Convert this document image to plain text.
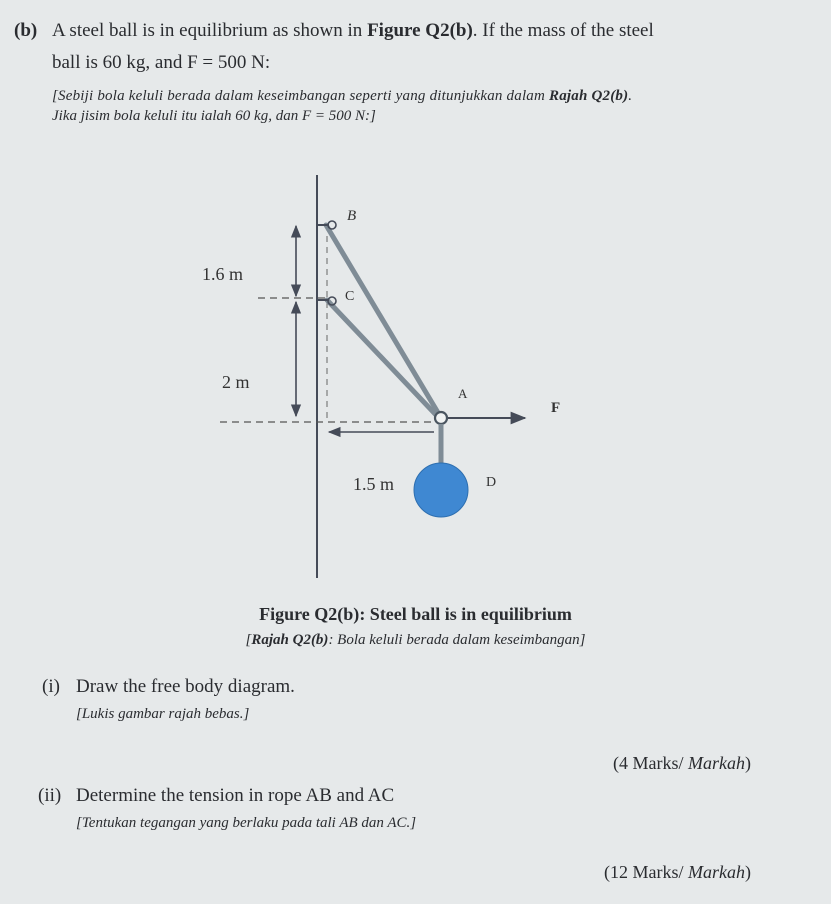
(b) A steel ball is in equilibrium as shown in Figure Q2(b). If the mass of the steel
ball is 60 kg, and F = 500 N:
[Sebiji bola keluli berada dalam keseimbangan seperti yang ditunjukkan dalam Rajah Q2(b).
Jika jisim bola keluli itu ialah 60 kg, dan F = 500 N:]
B
C
A
F
D
1.6 m
2 m
1.5 m
Figure Q2(b): Steel ball is in equilibrium
[Rajah Q2(b): Bola keluli berada dalam keseimbangan]
(i) Draw the free body diagram.
[Lukis gambar rajah bebas.]
(4 Marks/ Markah)
(ii) Determine the tension in rope AB and AC
[Tentukan tegangan yang berlaku pada tali AB dan AC.]
(12 Marks/ Markah)
